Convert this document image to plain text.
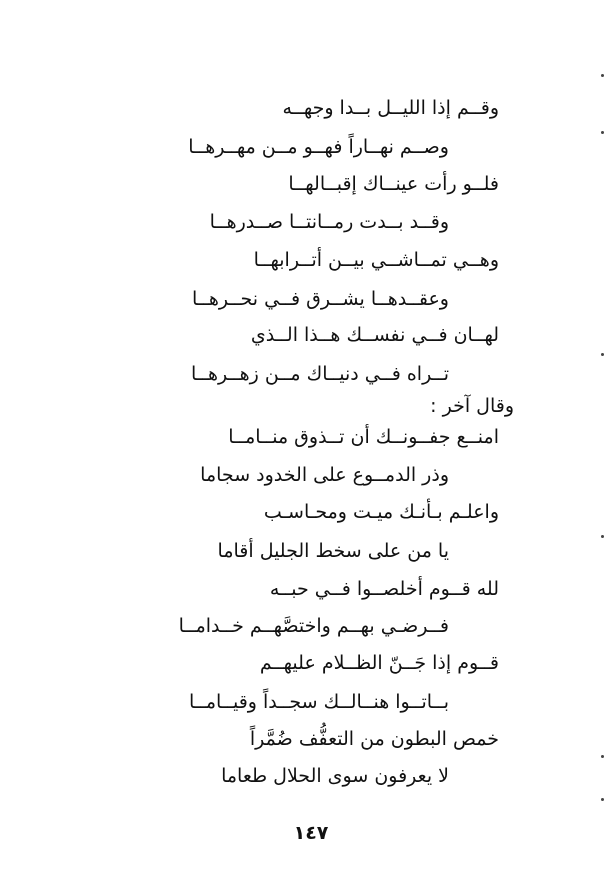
وقــم إذا الليــل بــدا وجهــه
وصــم نهــاراً فهــو مــن مهــرهــا
فلــو رأت عينــاك إقبــالهــا
وقــد بــدت رمــانتــا صــدرهــا
وهــي تمــاشــي بيــن أتــرابهــا
وعقــدهــا يشــرق فــي نحــرهــا
لهــان فــي نفســك هــذا الــذي
تــراه فــي دنيــاك مــن زهــرهــا
وقال آخر :
امنــع جفــونــك أن تــذوق منــامــا
وذر الدمــوع على الخدود سجاما
واعلـم بـأنـك ميـت ومحـاسـب
يا من على سخط الجليل أقاما
لله قــوم أخلصــوا فــي حبــه
فــرضـي بهــم واختصَّهــم خــدامــا
قــوم إذا جَــنّ الظــلام عليهــم
بــاتــوا هنــالــك سجــداً وقيــامــا
خمص البطون من التعفُّف ضُمَّراً
لا يعرفون سوى الحلال طعاما
١٤٧
